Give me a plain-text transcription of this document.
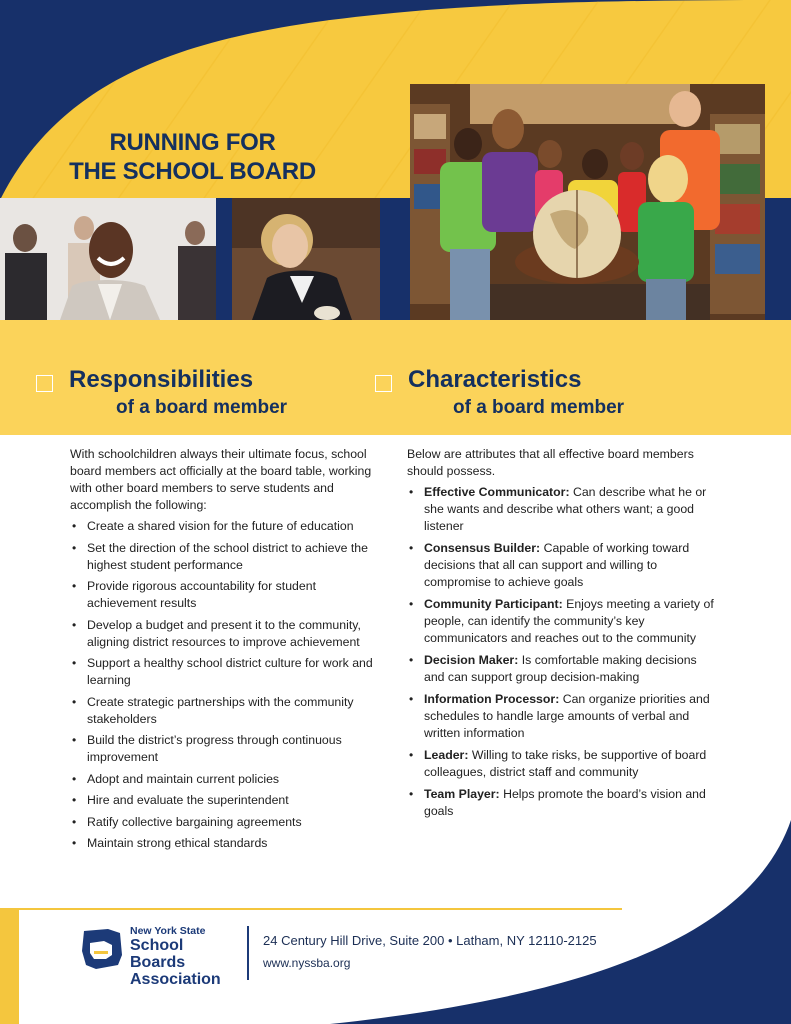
RUNNING FOR
THE SCHOOL BOARD
Responsibilities
of a board member
Characteristics
of a board member

With schoolchildren always their ultimate focus, school board members act officially at the board table, working with other board members to serve students and accomplish the following:

• Create a shared vision for the future of education
• Set the direction of the school district to achieve the highest student performance
• Provide rigorous accountability for student achievement results
• Develop a budget and present it to the community, aligning district resources to improve achievement
• Support a healthy school district culture for work and learning
• Create strategic partnerships with the community stakeholders
• Build the district’s progress through continuous improvement
• Adopt and maintain current policies
• Hire and evaluate the superintendent
• Ratify collective bargaining agreements
• Maintain strong ethical standards

Below are attributes that all effective board members should possess.

• Effective Communicator: Can describe what he or she wants and describe what others want; a good listener
• Consensus Builder: Capable of working toward decisions that all can support and willing to compromise to achieve goals
• Community Participant: Enjoys meeting a variety of people, can identify the community’s key communicators and reaches out to the community
• Decision Maker: Is comfortable making decisions and can support group decision-making
• Information Processor: Can organize priorities and schedules to handle large amounts of verbal and written information
• Leader: Willing to take risks, be supportive of board colleagues, district staff and community
• Team Player: Helps promote the board’s vision and goals
New York State
School Boards
Association
24 Century Hill Drive, Suite 200 • Latham, NY 12110-2125
www.nyssba.org
